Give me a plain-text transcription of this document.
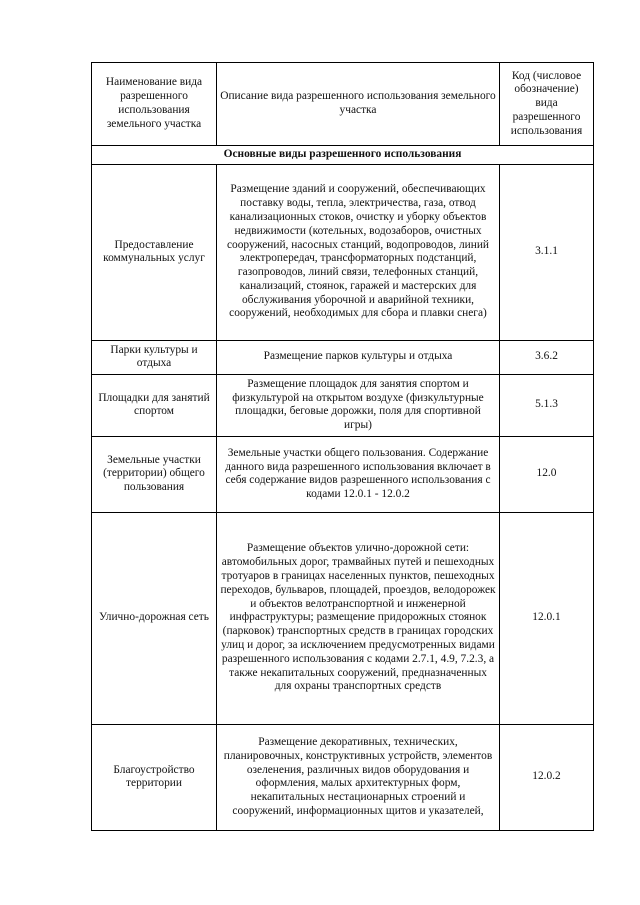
Наименование вида разрешенного использования земельного участка	Описание вида разрешенного использования земельного участка	Код (числовое обозначение) вида разрешенного использования
Основные виды разрешенного использования		
Предоставление коммунальных услуг	Размещение зданий и сооружений, обеспечивающих поставку воды, тепла, электричества, газа, отвод канализационных стоков, очистку и уборку объектов недвижимости (котельных, водозаборов, очистных сооружений, насосных станций, водопроводов, линий электропередач, трансформаторных подстанций, газопроводов, линий связи, телефонных станций, канализаций, стоянок, гаражей и мастерских для обслуживания уборочной и аварийной техники, сооружений, необходимых для сбора и плавки снега)	3.1.1
Парки культуры и отдыха	Размещение парков культуры и отдыха	3.6.2
Площадки для занятий спортом	Размещение площадок для занятия спортом и физкультурой на открытом воздухе (физкультурные площадки, беговые дорожки, поля для спортивной игры)	5.1.3
Земельные участки (территории) общего пользования	Земельные участки общего пользования. Содержание данного вида разрешенного использования включает в себя содержание видов разрешенного использования с кодами 12.0.1 - 12.0.2	12.0
Улично-дорожная сеть	Размещение объектов улично-дорожной сети: автомобильных дорог, трамвайных путей и пешеходных тротуаров в границах населенных пунктов, пешеходных переходов, бульваров, площадей, проездов, велодорожек и объектов велотранспортной и инженерной инфраструктуры; размещение придорожных стоянок (парковок) транспортных средств в границах городских улиц и дорог, за исключением предусмотренных видами разрешенного использования с кодами 2.7.1, 4.9, 7.2.3, а также некапитальных сооружений, предназначенных для охраны транспортных средств	12.0.1
Благоустройство территории	Размещение декоративных, технических, планировочных, конструктивных устройств, элементов озеленения, различных видов оборудования и оформления, малых архитектурных форм, некапитальных нестационарных строений и сооружений, информационных щитов и указателей,	12.0.2
